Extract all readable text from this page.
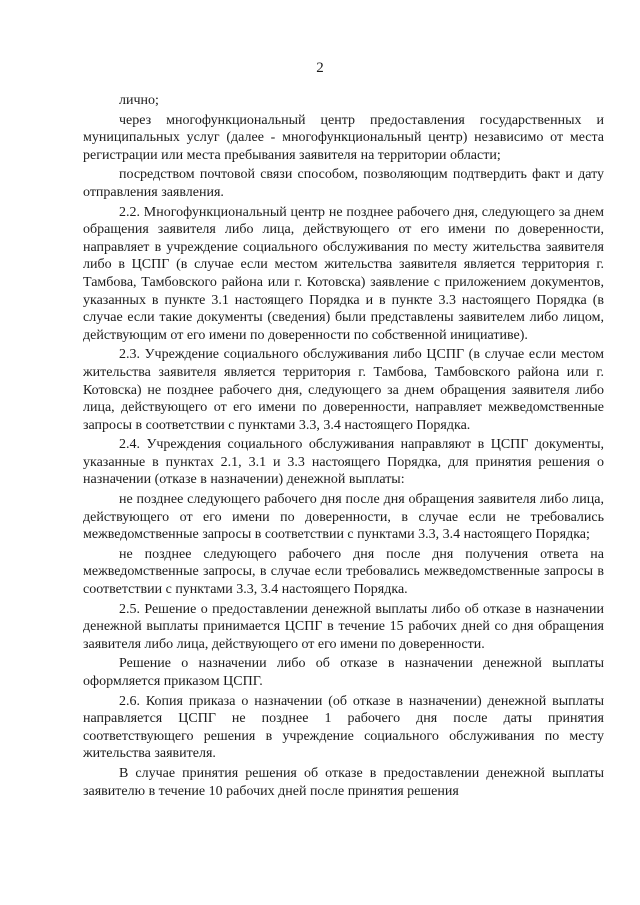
2

лично;

через многофункциональный центр предоставления государственных и муниципальных услуг (далее - многофункциональный центр) независимо от места регистрации или места пребывания заявителя на территории области;

посредством почтовой связи способом, позволяющим подтвердить факт и дату отправления заявления.

2.2. Многофункциональный центр не позднее рабочего дня, следующего за днем обращения заявителя либо лица, действующего от его имени по доверенности, направляет в учреждение социального обслуживания по месту жительства заявителя либо в ЦСПГ (в случае если местом жительства заявителя является территория г. Тамбова, Тамбовского района или г. Котовска) заявление с приложением документов, указанных в пункте 3.1 настоящего Порядка и в пункте 3.3 настоящего Порядка (в случае если такие документы (сведения) были представлены заявителем либо лицом, действующим от его имени по доверенности по собственной инициативе).

2.3. Учреждение социального обслуживания либо ЦСПГ (в случае если местом жительства заявителя является территория г. Тамбова, Тамбовского района или г. Котовска) не позднее рабочего дня, следующего за днем обращения заявителя либо лица, действующего от его имени по доверенности, направляет межведомственные запросы в соответствии с пунктами 3.3, 3.4 настоящего Порядка.

2.4. Учреждения социального обслуживания направляют в ЦСПГ документы, указанные в пунктах 2.1, 3.1 и 3.3 настоящего Порядка, для принятия решения о назначении (отказе в назначении) денежной выплаты:

не позднее следующего рабочего дня после дня обращения заявителя либо лица, действующего от его имени по доверенности, в случае если не требовались межведомственные запросы в соответствии с пунктами 3.3, 3.4 настоящего Порядка;

не позднее следующего рабочего дня после дня получения ответа на межведомственные запросы, в случае если требовались межведомственные запросы в соответствии с пунктами 3.3, 3.4 настоящего Порядка.

2.5. Решение о предоставлении денежной выплаты либо об отказе в назначении денежной выплаты принимается ЦСПГ в течение 15 рабочих дней со дня обращения заявителя либо лица, действующего от его имени по доверенности.

Решение о назначении либо об отказе в назначении денежной выплаты оформляется приказом ЦСПГ.

2.6. Копия приказа о назначении (об отказе в назначении) денежной выплаты направляется ЦСПГ не позднее 1 рабочего дня после даты принятия соответствующего решения в учреждение социального обслуживания по месту жительства заявителя.

В случае принятия решения об отказе в предоставлении денежной выплаты заявителю в течение 10 рабочих дней после принятия решения
